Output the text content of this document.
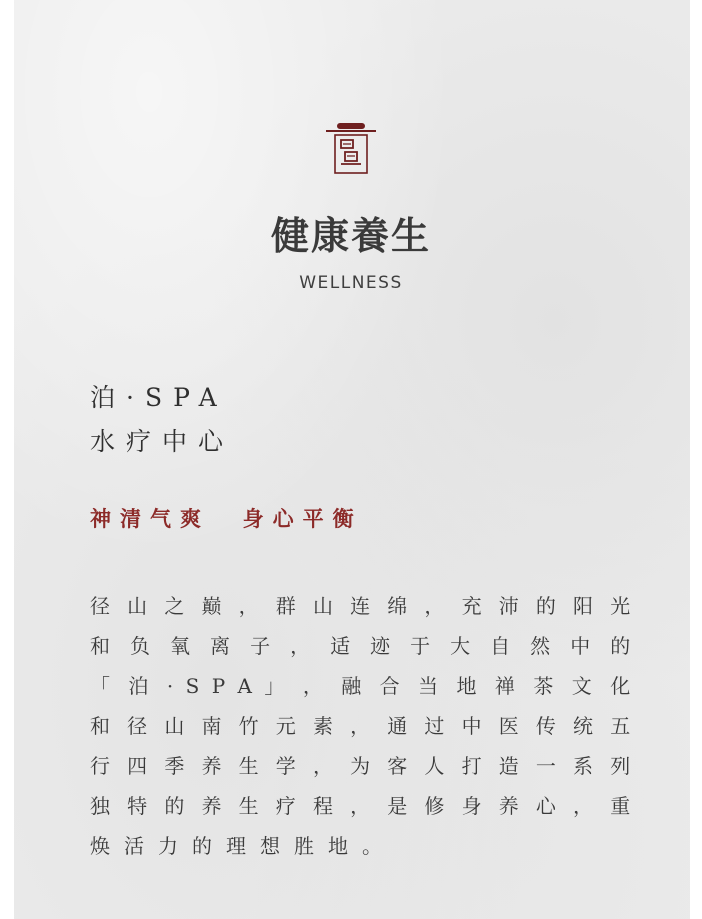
健康養生
WELLNESS
泊·SPA
水疗中心
神清气爽  身心平衡
径 山 之 巅 ， 群 山 连 绵 ， 充 沛 的 阳 光
和 负 氧 离 子 ， 适 迹 于 大 自 然 中 的
「 泊 · S P A 」 ， 融 合 当 地 禅 茶 文 化
和 径 山 南 竹 元 素 ， 通 过 中 医 传 统 五
行 四 季 养 生 学 ， 为 客 人 打 造 一 系 列
独 特 的 养 生 疗 程 ， 是 修 身 养 心 ， 重
焕活力的理想胜地。
